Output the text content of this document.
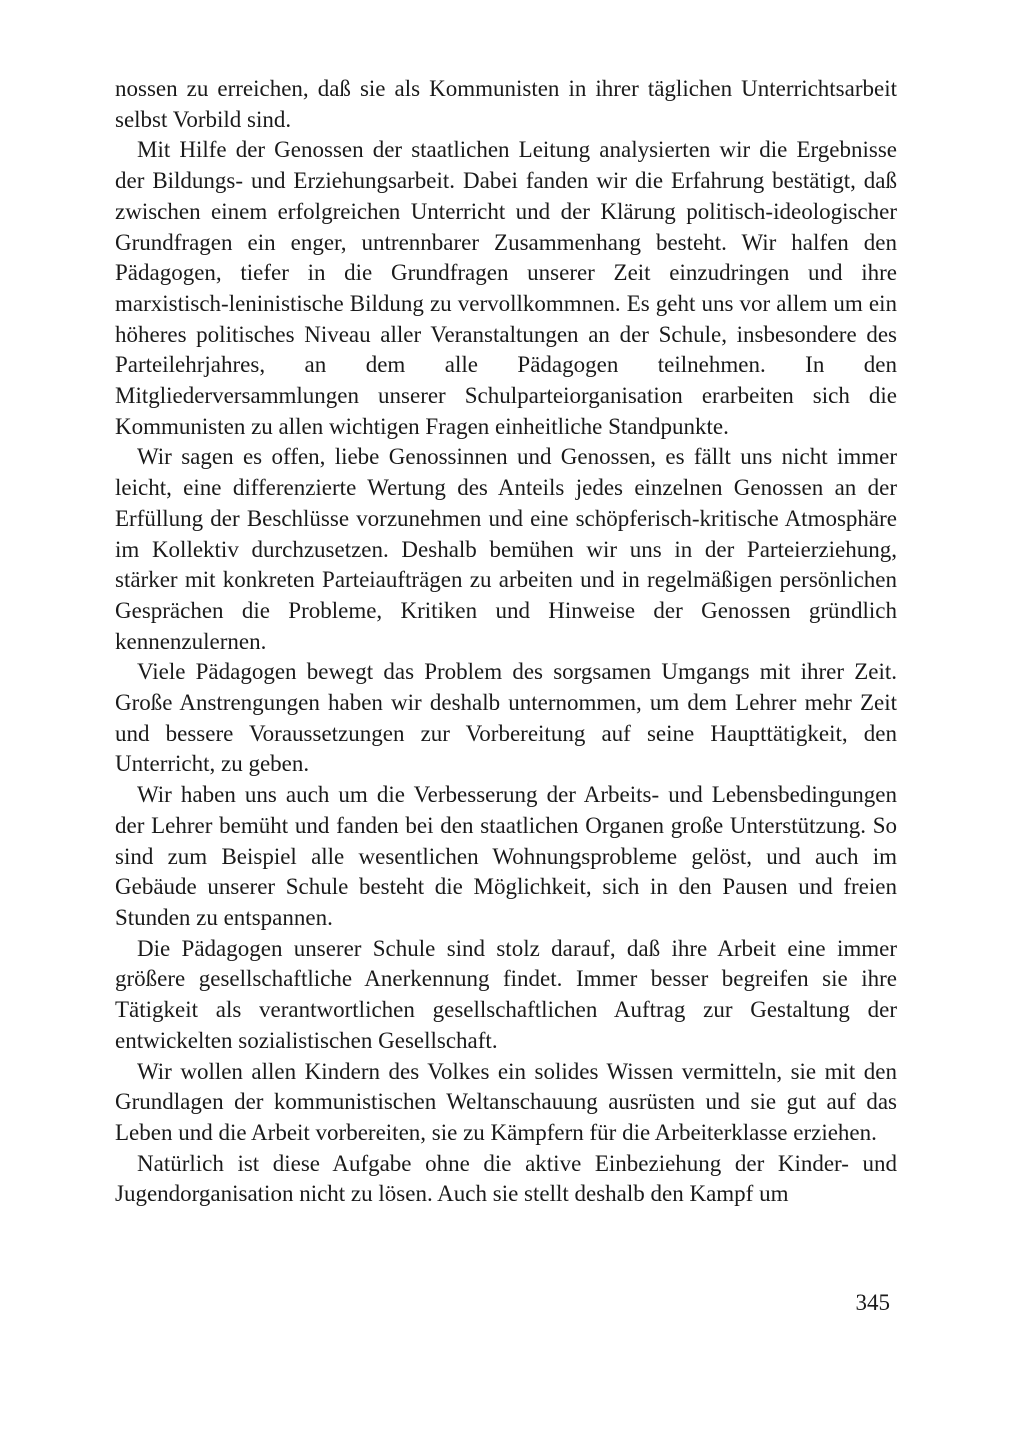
nossen zu erreichen, daß sie als Kommunisten in ihrer täglichen Unterrichtsarbeit selbst Vorbild sind.

Mit Hilfe der Genossen der staatlichen Leitung analysierten wir die Ergebnisse der Bildungs- und Erziehungsarbeit. Dabei fanden wir die Erfahrung bestätigt, daß zwischen einem erfolgreichen Unterricht und der Klärung politisch-ideologischer Grundfragen ein enger, untrennbarer Zusammenhang besteht. Wir halfen den Pädagogen, tiefer in die Grundfragen unserer Zeit einzudringen und ihre marxistisch-leninistische Bildung zu vervollkommnen. Es geht uns vor allem um ein höheres politisches Niveau aller Veranstaltungen an der Schule, insbesondere des Parteilehrjahres, an dem alle Pädagogen teilnehmen. In den Mitgliederversammlungen unserer Schulparteiorganisation erarbeiten sich die Kommunisten zu allen wichtigen Fragen einheitliche Standpunkte.

Wir sagen es offen, liebe Genossinnen und Genossen, es fällt uns nicht immer leicht, eine differenzierte Wertung des Anteils jedes einzelnen Genossen an der Erfüllung der Beschlüsse vorzunehmen und eine schöpferisch-kritische Atmosphäre im Kollektiv durchzusetzen. Deshalb bemühen wir uns in der Parteierziehung, stärker mit konkreten Parteiaufträgen zu arbeiten und in regelmäßigen persönlichen Gesprächen die Probleme, Kritiken und Hinweise der Genossen gründlich kennenzulernen.

Viele Pädagogen bewegt das Problem des sorgsamen Umgangs mit ihrer Zeit. Große Anstrengungen haben wir deshalb unternommen, um dem Lehrer mehr Zeit und bessere Voraussetzungen zur Vorbereitung auf seine Haupttätigkeit, den Unterricht, zu geben.

Wir haben uns auch um die Verbesserung der Arbeits- und Lebensbedingungen der Lehrer bemüht und fanden bei den staatlichen Organen große Unterstützung. So sind zum Beispiel alle wesentlichen Wohnungsprobleme gelöst, und auch im Gebäude unserer Schule besteht die Möglichkeit, sich in den Pausen und freien Stunden zu entspannen.

Die Pädagogen unserer Schule sind stolz darauf, daß ihre Arbeit eine immer größere gesellschaftliche Anerkennung findet. Immer besser begreifen sie ihre Tätigkeit als verantwortlichen gesellschaftlichen Auftrag zur Gestaltung der entwickelten sozialistischen Gesellschaft.

Wir wollen allen Kindern des Volkes ein solides Wissen vermitteln, sie mit den Grundlagen der kommunistischen Weltanschauung ausrüsten und sie gut auf das Leben und die Arbeit vorbereiten, sie zu Kämpfern für die Arbeiterklasse erziehen.

Natürlich ist diese Aufgabe ohne die aktive Einbeziehung der Kinder- und Jugendorganisation nicht zu lösen. Auch sie stellt deshalb den Kampf um

345
